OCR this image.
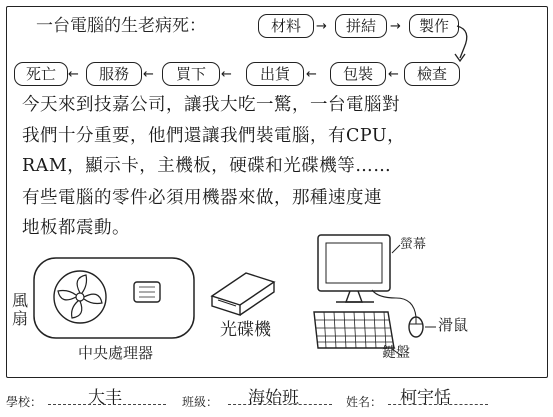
一台電腦的生老病死：	材料	→	拼結	→	製作
死亡 ←	服務	←	買下	←	出貨	←	包裝	←	檢查
今天來到技嘉公司，讓我大吃一驚，一台電腦對
我們十分重要，他們還讓我們裝電腦，有CPU，
RAM，顯示卡，主機板，硬碟和光碟機等……
有些電腦的零件必須用機器來做，那種速度連
地板都震動。
風扇
中央處理器
光碟機
螢幕
滑鼠
鍵盤
學校：	大丰	班級： 海始班	姓名： 柯宇恬
